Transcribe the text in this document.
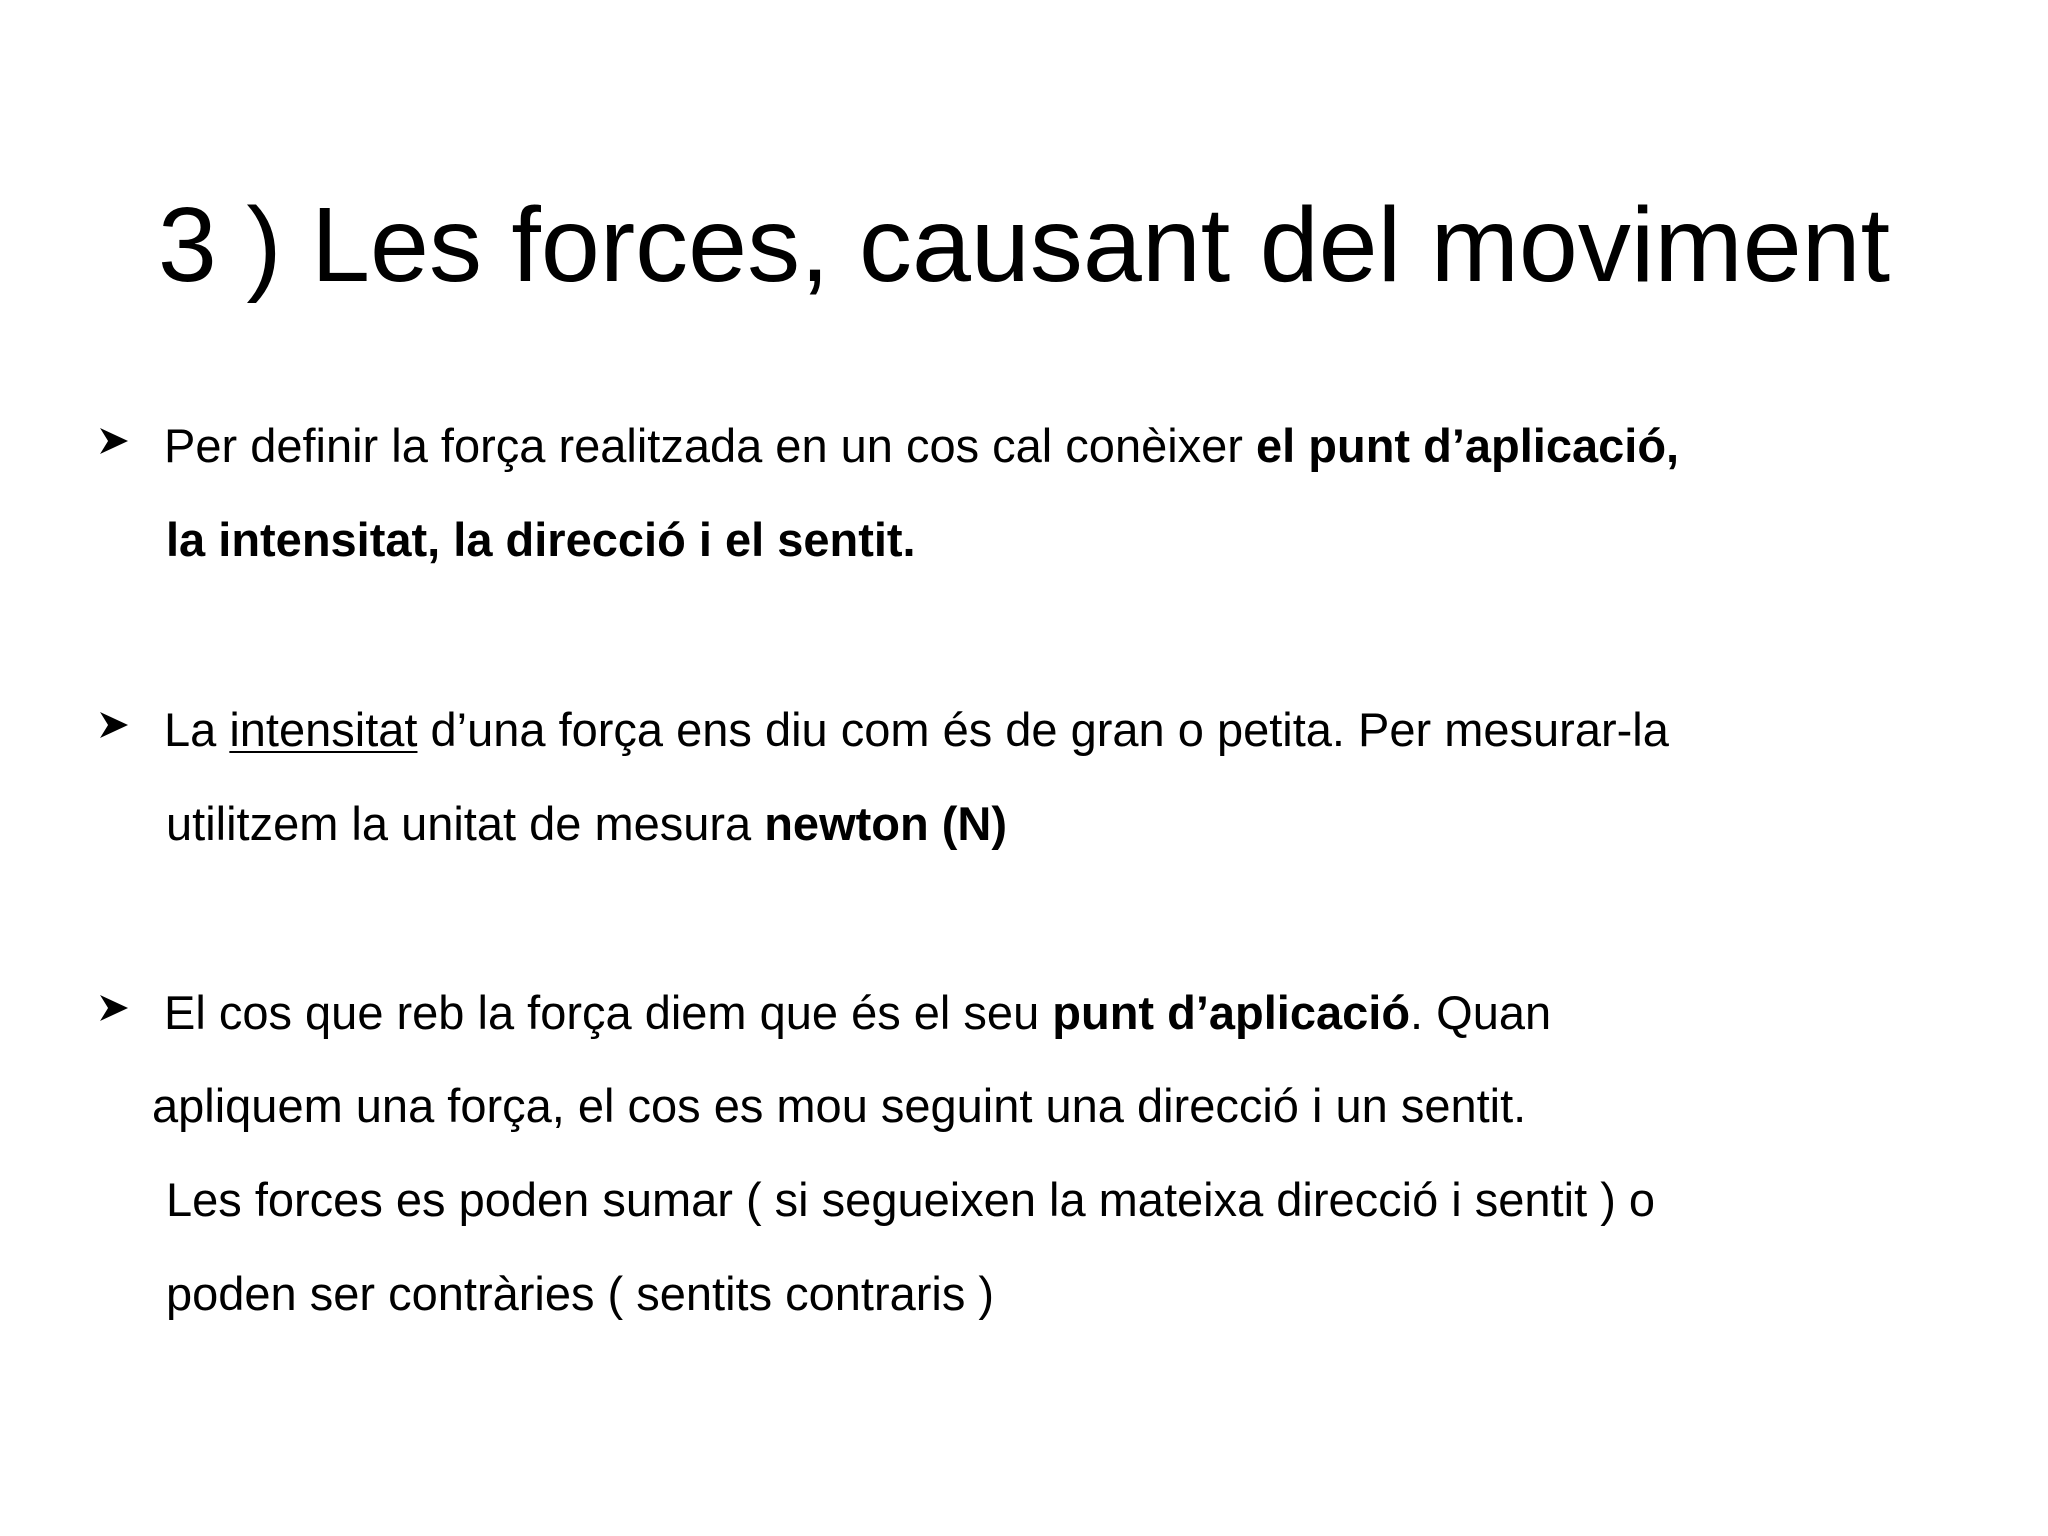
3 ) Les forces, causant del moviment
Per definir la força realitzada en un cos cal conèixer el punt d’aplicació,
la intensitat, la direcció i el sentit.
La intensitat d’una força ens diu com és de gran o petita. Per mesurar-la
utilitzem la unitat de mesura newton (N)
El cos que reb la força diem que és el seu punt d’aplicació. Quan
apliquem una força, el cos es mou seguint una direcció i un sentit.
Les forces es poden sumar ( si segueixen la mateixa direcció i sentit ) o
poden ser contràries ( sentits contraris )
